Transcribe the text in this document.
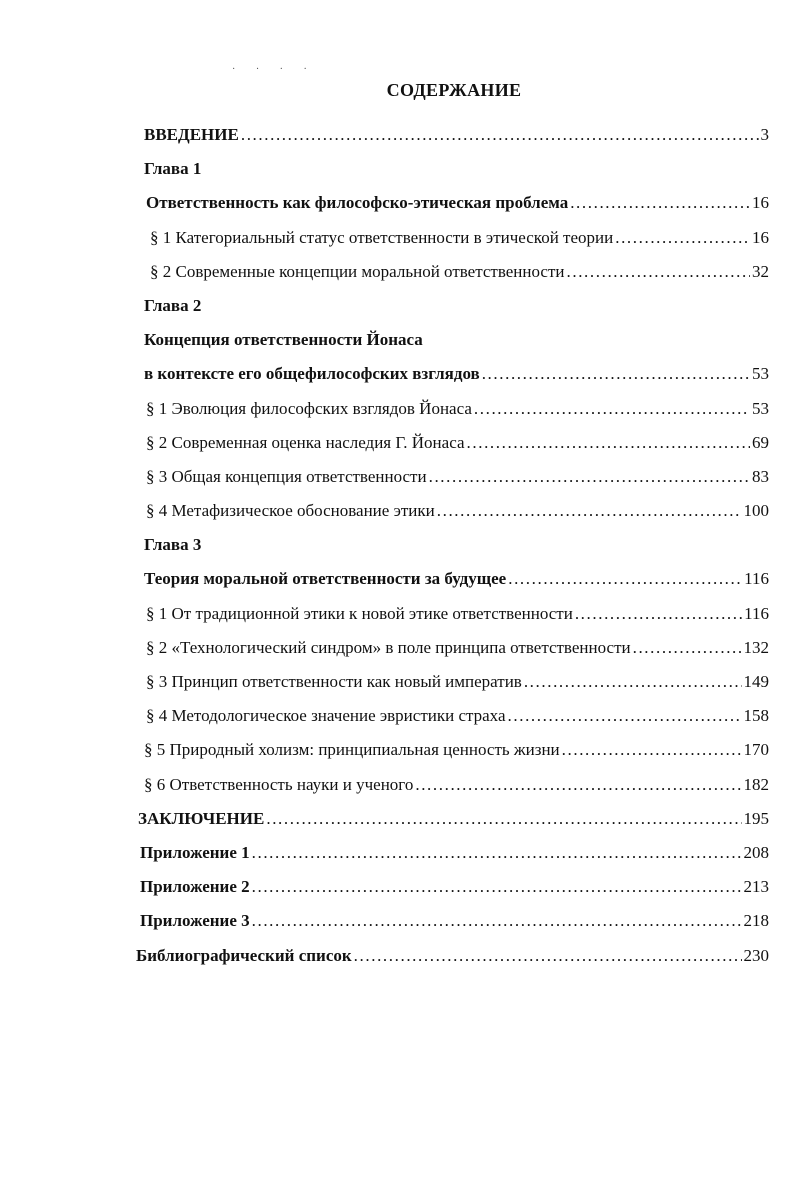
· · · ·
СОДЕРЖАНИЕ
ВВЕДЕНИЕ .....	3
Глава 1
Ответственность как философско-этическая проблема .....	16
§ 1 Категориальный статус ответственности в этической теории .....	16
§ 2 Современные концепции моральной ответственности .....	32
Глава 2
Концепция ответственности Йонаса
в контексте его общефилософских взглядов .....	53
§ 1 Эволюция философских взглядов Йонаса .....	53
§ 2 Современная оценка наследия Г. Йонаса .....	69
§ 3 Общая концепция ответственности .....	83
§ 4 Метафизическое обоснование этики .....	100
Глава 3
Теория моральной ответственности за будущее .....	116
§ 1 От традиционной этики к новой этике ответственности .....	116
§ 2 «Технологический синдром» в поле принципа ответственности .....	132
§ 3 Принцип ответственности как новый императив .....	149
§ 4 Методологическое значение эвристики страха .....	158
§ 5 Природный холизм: принципиальная ценность жизни .....	170
§ 6 Ответственность науки и ученого .....	182
ЗАКЛЮЧЕНИЕ .....	195
Приложение 1 .....	208
Приложение 2 .....	213
Приложение 3 .....	218
Библиографический список .....	230
